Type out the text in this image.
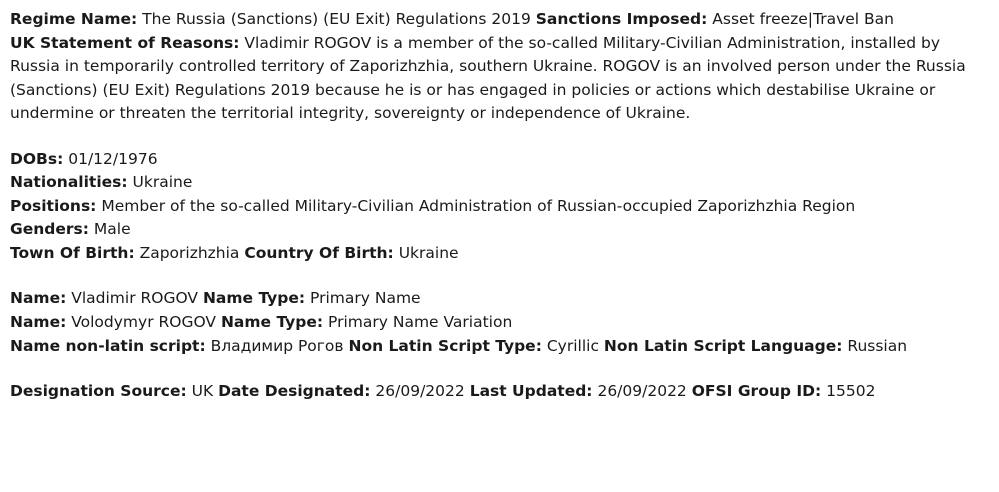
Regime Name: The Russia (Sanctions) (EU Exit) Regulations 2019 Sanctions Imposed: Asset freeze|Travel Ban

UK Statement of Reasons: Vladimir ROGOV is a member of the so-called Military-Civilian Administration, installed by Russia in temporarily controlled territory of Zaporizhzhia, southern Ukraine. ROGOV is an involved person under the Russia (Sanctions) (EU Exit) Regulations 2019 because he is or has engaged in policies or actions which destabilise Ukraine or undermine or threaten the territorial integrity, sovereignty or independence of Ukraine.

DOBs: 01/12/1976

Nationalities: Ukraine

Positions: Member of the so-called Military-Civilian Administration of Russian-occupied Zaporizhzhia Region

Genders: Male

Town Of Birth: Zaporizhzhia Country Of Birth: Ukraine

Name: Vladimir ROGOV Name Type: Primary Name

Name: Volodymyr ROGOV Name Type: Primary Name Variation

Name non-latin script: Владимир Рогов Non Latin Script Type: Cyrillic Non Latin Script Language: Russian

Designation Source: UK Date Designated: 26/09/2022 Last Updated: 26/09/2022 OFSI Group ID: 15502
